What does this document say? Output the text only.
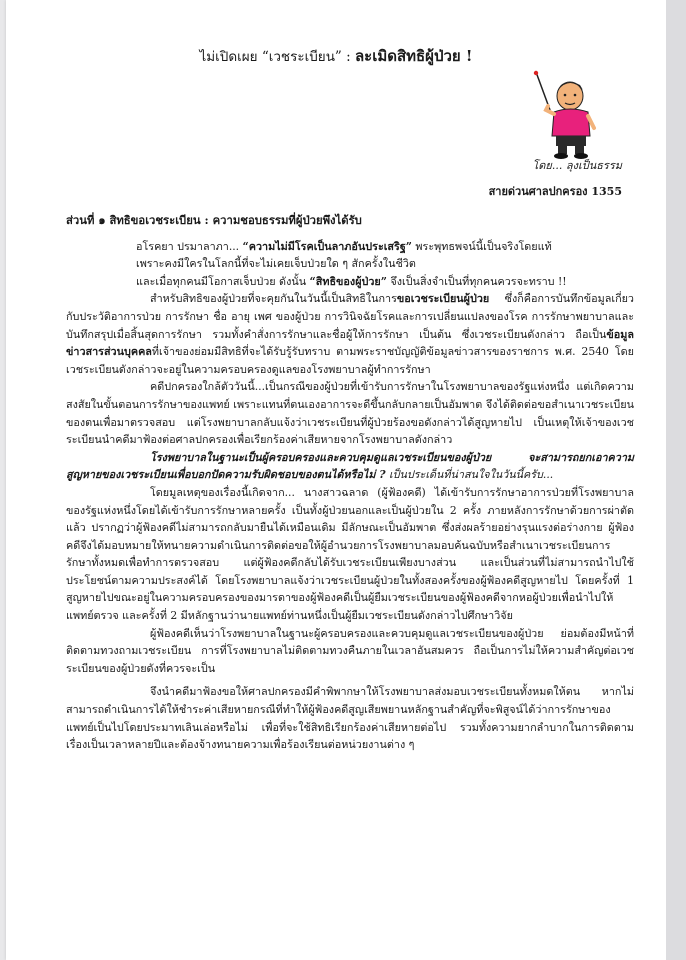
ไม่เปิดเผย “เวชระเบียน” : ละเมิดสิทธิผู้ป่วย !
โดย... ลุงเป็นธรรม
สายด่วนศาลปกครอง 1355

ส่วนที่ ๑ สิทธิขอเวชระเบียน : ความชอบธรรมที่ผู้ป่วยพึงได้รับ

อโรคยา ปรมาลาภา... “ความไม่มีโรคเป็นลาภอันประเสริฐ” พระพุทธพจน์นี้เป็นจริงโดยแท้

เพราะคงมีใครในโลกนี้ที่จะไม่เคยเจ็บป่วยใด ๆ สักครั้งในชีวิต

และเมื่อทุกคนมีโอกาสเจ็บป่วย ดังนั้น “สิทธิของผู้ป่วย” จึงเป็นสิ่งจำเป็นที่ทุกคนควรจะทราบ !!

สำหรับสิทธิของผู้ป่วยที่จะคุยกันในวันนี้เป็นสิทธิในการขอเวชระเบียนผู้ป่วย ซึ่งก็คือการบันทึกข้อมูลเกี่ยวกับประวัติอาการป่วย การรักษา ชื่อ อายุ เพศ ของผู้ป่วย การวินิจฉัยโรคและการเปลี่ยนแปลงของโรค การรักษาพยาบาลและบันทึกสรุปเมื่อสิ้นสุดการรักษา รวมทั้งคำสั่งการรักษาและชื่อผู้ให้การรักษา เป็นต้น ซึ่งเวชระเบียนดังกล่าว ถือเป็นข้อมูลข่าวสารส่วนบุคคลที่เจ้าของย่อมมีสิทธิที่จะได้รับรู้รับทราบ ตามพระราชบัญญัติข้อมูลข่าวสารของราชการ พ.ศ. 2540 โดยเวชระเบียนดังกล่าวจะอยู่ในความครอบครองดูแลของโรงพยาบาลผู้ทำการรักษา

คดีปกครองใกล้ตัววันนี้...เป็นกรณีของผู้ป่วยที่เข้ารับการรักษาในโรงพยาบาลของรัฐแห่งหนึ่ง แต่เกิดความสงสัยในขั้นตอนการรักษาของแพทย์ เพราะแทนที่ตนเองอาการจะดีขึ้นกลับกลายเป็นอัมพาต จึงได้ติดต่อขอสำเนาเวชระเบียนของตนเพื่อมาตรวจสอบ แต่โรงพยาบาลกลับแจ้งว่าเวชระเบียนที่ผู้ป่วยร้องขอดังกล่าวได้สูญหายไป เป็นเหตุให้เจ้าของเวชระเบียนนำคดีมาฟ้องต่อศาลปกครองเพื่อเรียกร้องค่าเสียหายจากโรงพยาบาลดังกล่าว

โรงพยาบาลในฐานะเป็นผู้ครอบครองและควบคุมดูแลเวชระเบียนของผู้ป่วย จะสามารถยกเอาความสูญหายของเวชระเบียนเพื่อบอกปัดความรับผิดชอบของตนได้หรือไม่ ? เป็นประเด็นที่น่าสนใจในวันนี้ครับ...

โดยมูลเหตุของเรื่องนี้เกิดจาก... นางสาวฉลาด (ผู้ฟ้องคดี) ได้เข้ารับการรักษาอาการป่วยที่โรงพยาบาลของรัฐแห่งหนึ่งโดยได้เข้ารับการรักษาหลายครั้ง เป็นทั้งผู้ป่วยนอกและเป็นผู้ป่วยใน 2 ครั้ง ภายหลังการรักษาด้วยการผ่าตัดแล้ว ปรากฏว่าผู้ฟ้องคดีไม่สามารถกลับมายืนได้เหมือนเดิม มีลักษณะเป็นอัมพาต ซึ่งส่งผลร้ายอย่างรุนแรงต่อร่างกาย ผู้ฟ้องคดีจึงได้มอบหมายให้ทนายความดำเนินการติดต่อขอให้ผู้อำนวยการโรงพยาบาลมอบค้นฉบับหรือสำเนาเวชระเบียนการรักษาทั้งหมดเพื่อทำการตรวจสอบ แต่ผู้ฟ้องคดีกลับได้รับเวชระเบียนเพียงบางส่วน และเป็นส่วนที่ไม่สามารถนำไปใช้ประโยชน์ตามความประสงค์ได้ โดยโรงพยาบาลแจ้งว่าเวชระเบียนผู้ป่วยในทั้งสองครั้งของผู้ฟ้องคดีสูญหายไป โดยครั้งที่ 1 สูญหายไปขณะอยู่ในความครอบครองของมารดาของผู้ฟ้องคดีเป็นผู้ยืมเวชระเบียนของผู้ฟ้องคดีจากหอผู้ป่วยเพื่อนำไปให้แพทย์ตรวจ และครั้งที่ 2 มีหลักฐานว่านายแพทย์ท่านหนึ่งเป็นผู้ยืมเวชระเบียนดังกล่าวไปศึกษาวิจัย

ผู้ฟ้องคดีเห็นว่าโรงพยาบาลในฐานะผู้ครอบครองและควบคุมดูแลเวชระเบียนของผู้ป่วย ย่อมต้องมีหน้าที่ติดตามทวงถามเวชระเบียน การที่โรงพยาบาลไม่ติดตามทวงคืนภายในเวลาอันสมควร ถือเป็นการไม่ให้ความสำคัญต่อเวชระเบียนของผู้ป่วยดังที่ควรจะเป็น

จึงนำคดีมาฟ้องขอให้ศาลปกครองมีคำพิพากษาให้โรงพยาบาลส่งมอบเวชระเบียนทั้งหมดให้ตน หากไม่สามารถดำเนินการได้ให้ชำระค่าเสียหายกรณีที่ทำให้ผู้ฟ้องคดีสูญเสียพยานหลักฐานสำคัญที่จะพิสูจน์ได้ว่าการรักษาของแพทย์เป็นไปโดยประมาทเลินเล่อหรือไม่ เพื่อที่จะใช้สิทธิเรียกร้องค่าเสียหายต่อไป รวมทั้งความยากลำบากในการติดตามเรื่องเป็นเวลาหลายปีและต้องจ้างทนายความเพื่อร้องเรียนต่อหน่วยงานต่าง ๆ
